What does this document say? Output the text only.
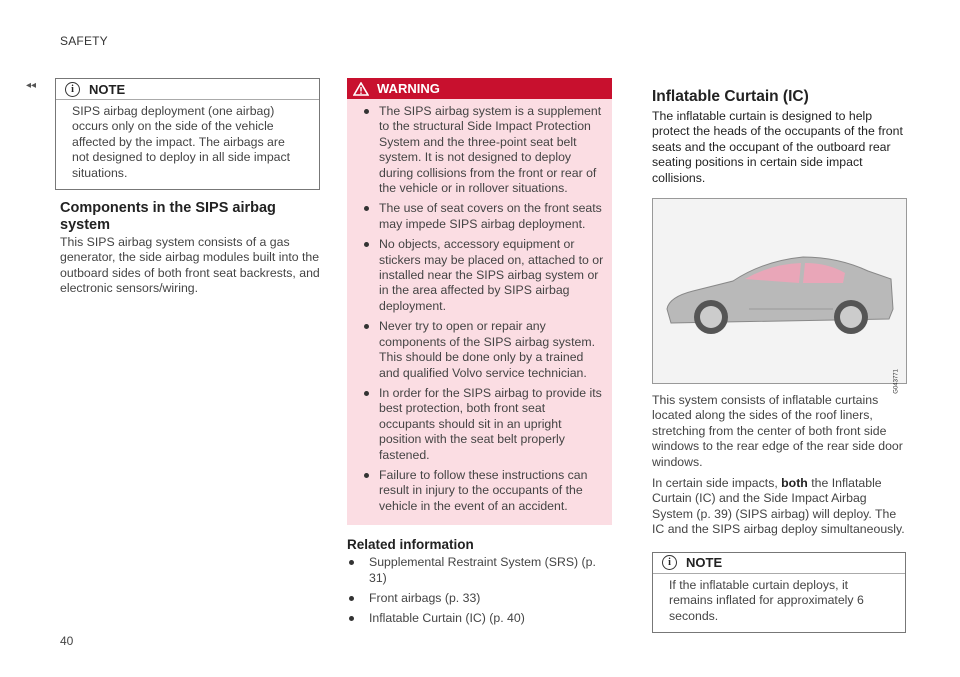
SAFETY
◂◂	i	NOTE
SIPS airbag deployment (one airbag) occurs only on the side of the vehicle affected by the impact. The airbags are not designed to deploy in all side impact situations.
Components in the SIPS airbag system
This SIPS airbag system consists of a gas generator, the side airbag modules built into the outboard sides of both front seat backrests, and electronic sensors/wiring.
WARNING
The SIPS airbag system is a supplement to the structural Side Impact Protection System and the three-point seat belt system. It is not designed to deploy during collisions from the front or rear of the vehicle or in rollover situations.
The use of seat covers on the front seats may impede SIPS airbag deployment.
No objects, accessory equipment or stickers may be placed on, attached to or installed near the SIPS airbag system or in the area affected by SIPS airbag deployment.
Never try to open or repair any components of the SIPS airbag system. This should be done only by a trained and qualified Volvo service technician.
In order for the SIPS airbag to provide its best protection, both front seat occupants should sit in an upright position with the seat belt properly fastened.
Failure to follow these instructions can result in injury to the occupants of the vehicle in the event of an accident.
Related information
Supplemental Restraint System (SRS) (p. 31)
Front airbags (p. 33)
Inflatable Curtain (IC) (p. 40)
Inflatable Curtain (IC)
The inflatable curtain is designed to help protect the heads of the occupants of the front seats and the occupant of the outboard rear seating positions in certain side impact collisions.
G043771
This system consists of inflatable curtains located along the sides of the roof liners, stretching from the center of both front side windows to the rear edge of the rear side door windows.
In certain side impacts, both the Inflatable Curtain (IC) and the Side Impact Airbag System (p. 39) (SIPS airbag) will deploy. The IC and the SIPS airbag deploy simultaneously.
i	NOTE
If the inflatable curtain deploys, it remains inflated for approximately 6 seconds.
40
